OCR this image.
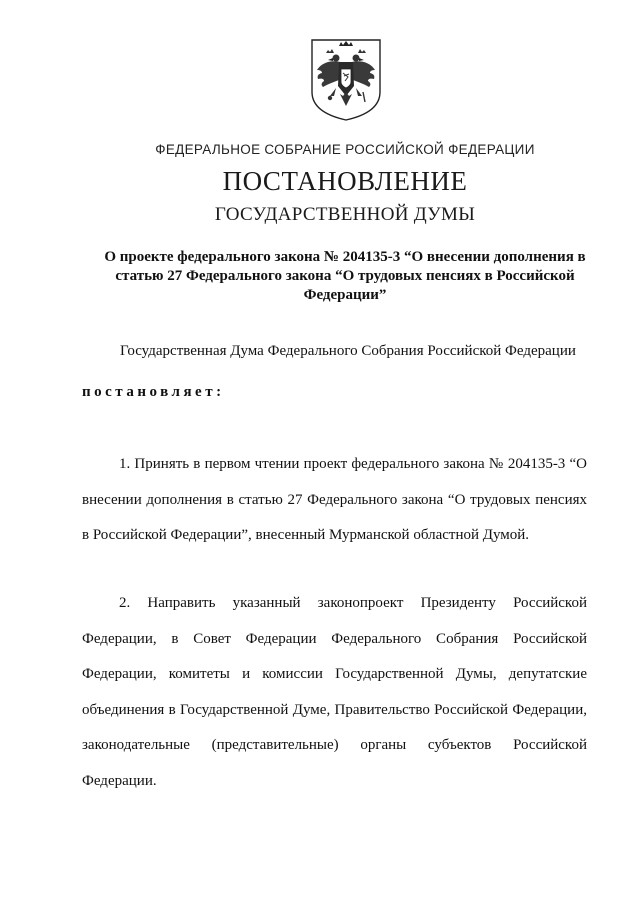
ФЕДЕРАЛЬНОЕ СОБРАНИЕ РОССИЙСКОЙ ФЕДЕРАЦИИ
ПОСТАНОВЛЕНИЕ
ГОСУДАРСТВЕННОЙ ДУМЫ
О проекте федерального закона № 204135-3 “О внесении дополнения в статью 27 Федерального закона “О трудовых пенсиях в Российской Федерации”
Государственная Дума Федерального Собрания Российской Федерации
постановляет:
1. Принять в первом чтении проект федерального закона № 204135-3 “О внесении дополнения в статью 27 Федерального закона “О трудовых пенсиях в Российской Федерации”, внесенный Мурманской областной Думой.
2. Направить указанный законопроект Президенту Российской Федерации, в Совет Федерации Федерального Собрания Российской Федерации, комитеты и комиссии Государственной Думы, депутатские объединения в Государственной Думе, Правительство Российской Федерации, законодательные (представительные) органы субъектов Российской Федерации.
